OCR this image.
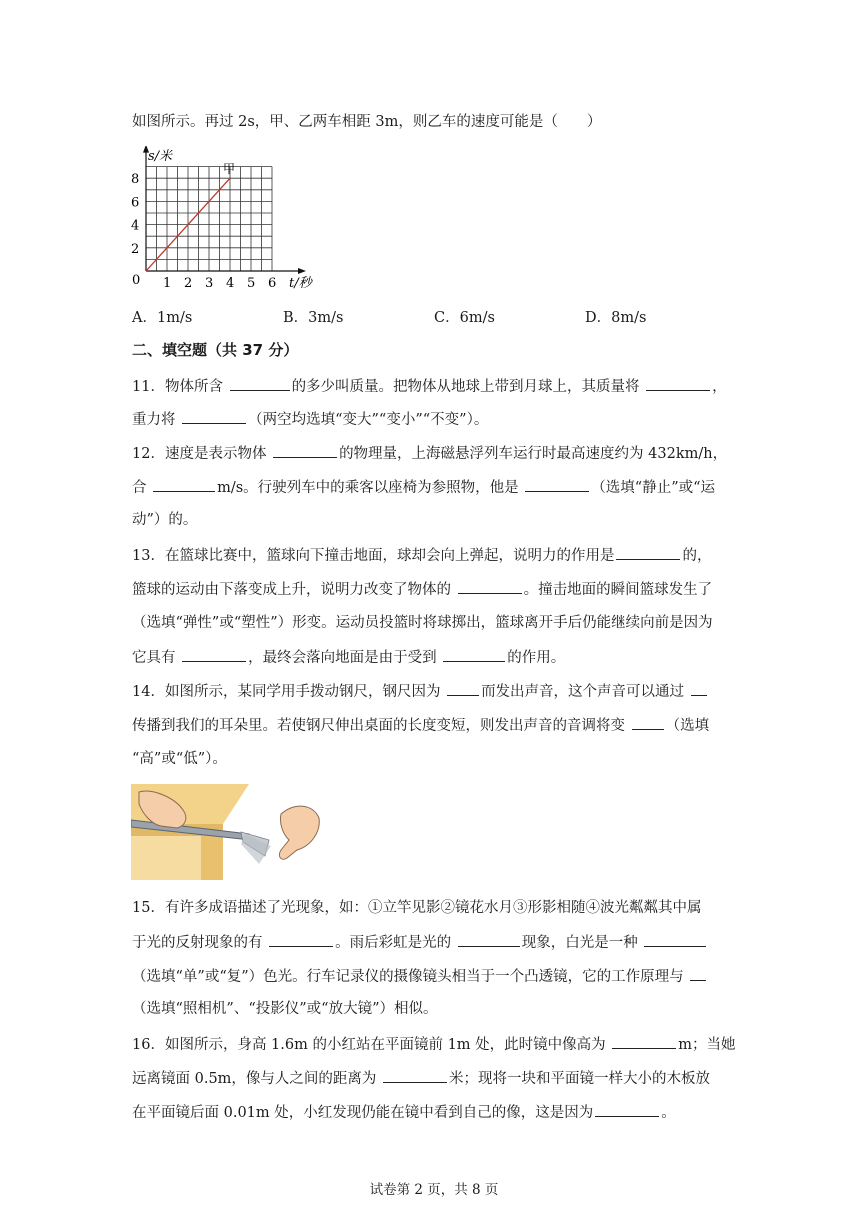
如图所示。再过 2s，甲、乙两车相距 3m，则乙车的速度可能是（　　）
2
4
6
8
1 2 3 4 5 6
s/米
t/秒
0
甲
A．1m/s	B．3m/s	C．6m/s	D．8m/s
二、填空题（共 37 分）
11．物体所含	的多少叫质量。把物体从地球上带到月球上，其质量将	，
重力将	（两空均选填“变大”“变小”“不变”）。
12．速度是表示物体	的物理量，上海磁悬浮列车运行时最高速度约为 432km/h，
合	m/s。行驶列车中的乘客以座椅为参照物，他是	（选填“静止”或“运
动”）的。
13．在篮球比赛中，篮球向下撞击地面，球却会向上弹起，说明力的作用是	的，
篮球的运动由下落变成上升，说明力改变了物体的	。撞击地面的瞬间篮球发生了
（选填“弹性”或“塑性”）形变。运动员投篮时将球掷出，篮球离开手后仍能继续向前是因为
它具有	，最终会落向地面是由于受到	的作用。
14．如图所示，某同学用手拨动钢尺，钢尺因为 而发出声音，这个声音可以通过
传播到我们的耳朵里。若使钢尺伸出桌面的长度变短，则发出声音的音调将变 （选填
“高”或“低”）。
15．有许多成语描述了光现象，如：①立竿见影②镜花水月③形影相随④波光粼粼其中属
于光的反射现象的有	。雨后彩虹是光的	现象，白光是一种
（选填“单”或“复”）色光。行车记录仪的摄像镜头相当于一个凸透镜，它的工作原理与
（选填“照相机”、“投影仪”或“放大镜”）相似。
16．如图所示，身高 1.6m 的小红站在平面镜前 1m 处，此时镜中像高为	m；当她
远离镜面 0.5m，像与人之间的距离为	米；现将一块和平面镜一样大小的木板放
在平面镜后面 0.01m 处，小红发现仍能在镜中看到自己的像，这是因为	。
试卷第 2 页，共 8 页
